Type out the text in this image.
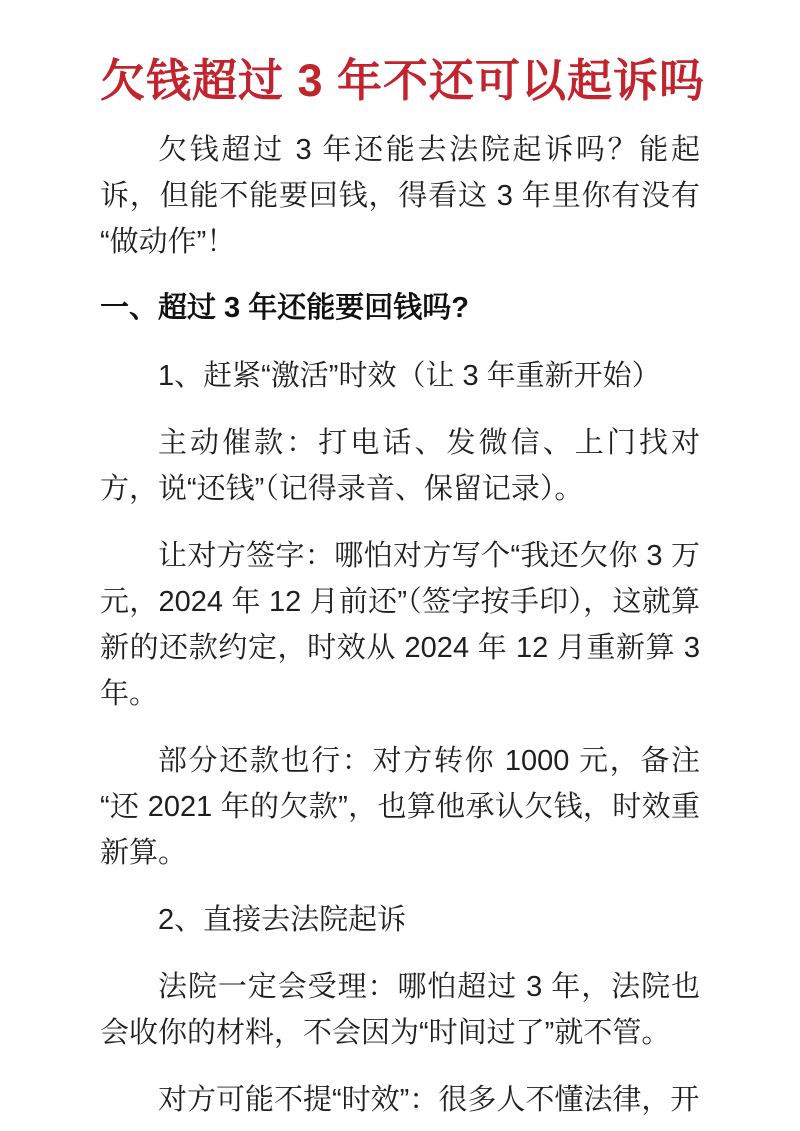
欠钱超过 3 年不还可以起诉吗

欠钱超过 3 年还能去法院起诉吗？能起诉，但能不能要回钱，得看这 3 年里你有没有“做动作”！

一、超过 3 年还能要回钱吗?

1、赶紧“激活”时效（让 3 年重新开始）

主动催款：打电话、发微信、上门找对方，说“还钱”（记得录音、保留记录）。

让对方签字：哪怕对方写个“我还欠你 3 万元，2024 年 12 月前还”（签字按手印），这就算新的还款约定，时效从 2024 年 12 月重新算 3 年。

部分还款也行：对方转你 1000 元，备注“还 2021 年的欠款”，也算他承认欠钱，时效重新算。

2、直接去法院起诉

法院一定会受理：哪怕超过 3 年，法院也会收你的材料，不会因为“时间过了”就不管。

对方可能不提“时效”：很多人不懂法律，开
